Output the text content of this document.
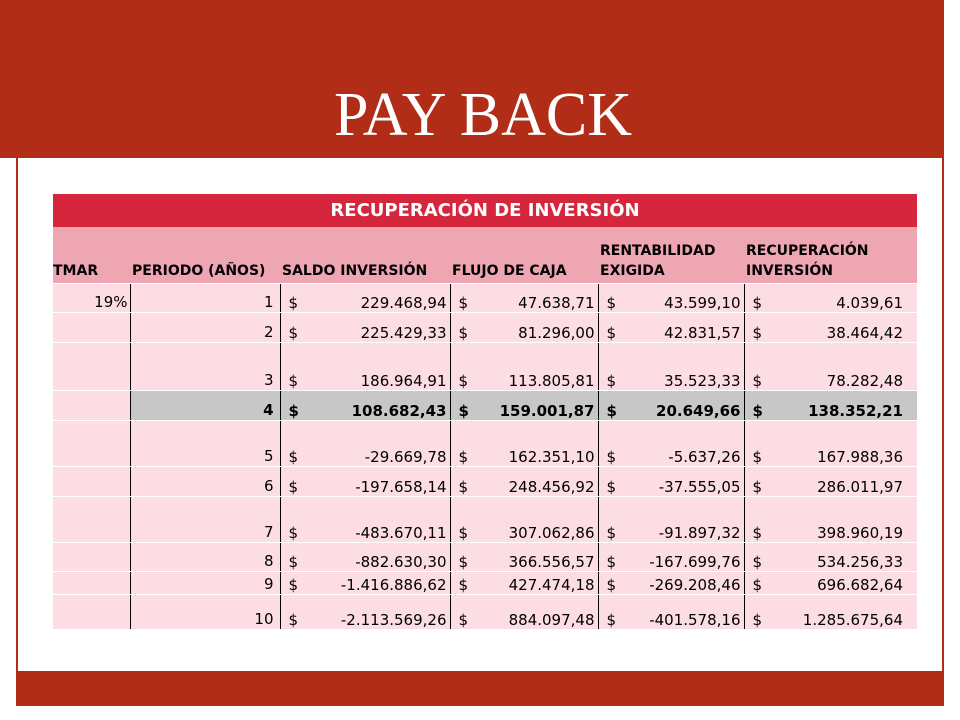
PAY BACK
RECUPERACIÓN DE INVERSIÓN					
TMAR	PERIODO (AÑOS)	SALDO INVERSIÓN	FLUJO DE CAJA	RENTABILIDAD EXIGIDA	RECUPERACIÓN INVERSIÓN
19%	1	$ 229.468,94	$ 47.638,71	$ 43.599,10	$ 4.039,61

	2	$ 225.429,33	$ 81.296,00	$ 42.831,57	$ 38.464,42

	3	$ 186.964,91	$ 113.805,81	$ 35.523,33	$ 78.282,48

	4	$ 108.682,43	$ 159.001,87	$ 20.649,66	$ 138.352,21

	5	$ -29.669,78	$ 162.351,10	$ -5.637,26	$ 167.988,36

	6	$ -197.658,14	$ 248.456,92	$ -37.555,05	$ 286.011,97

	7	$ -483.670,11	$ 307.062,86	$ -91.897,32	$ 398.960,19

	8	$ -882.630,30	$ 366.556,57	$ -167.699,76	$ 534.256,33

	9	$ -1.416.886,62	$ 427.474,18	$ -269.208,46	$ 696.682,64

	10	$ -2.113.569,26	$ 884.097,48	$ -401.578,16	$ 1.285.675,64
